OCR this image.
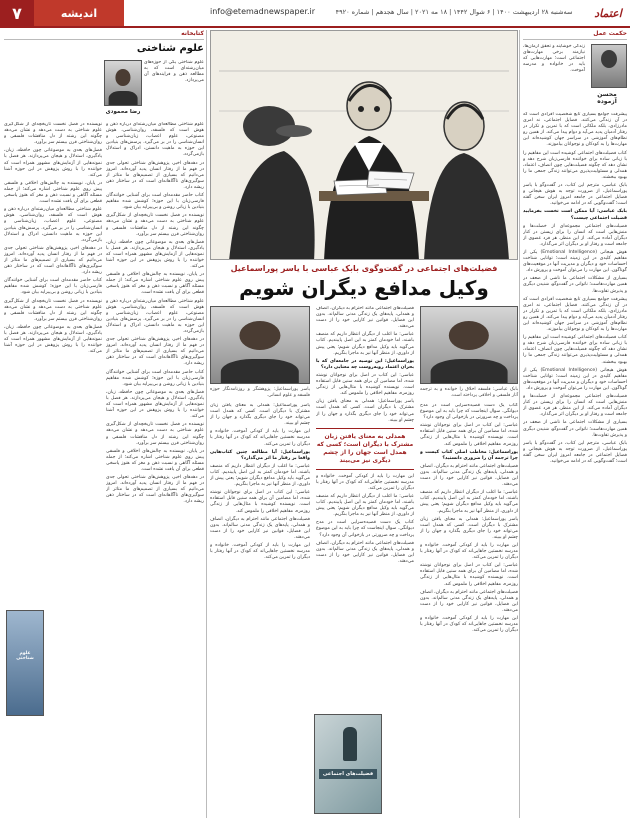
۷	اندیشه	info@etemadnewspaper.ir	سه‌شنبه ۲۸ اردیبهشت ۱۴۰۰ | ۶ شوال ۱۴۴۲ | ۱۸ مه ۲۰۲۱ | سال هجدهم | شماره ۴۹۲۰	اعتماد
حکمت عمل
محسن آزموده
زندگی خوشایند و تحقق آرمان‌ها، نیازمند برخی مهارت‌های اجتماعی است؛ مهارت‌هایی که باید در خانواده و مدرسه آموخت.

پیشرفت جوامع بسیاری تابع شخصیت افرادی است که در آن زندگی می‌کنند. فضایل اجتماعی، نه امری مادرزادی، بلکه ملکاتی است که با تمرین و تکرار در رفتار آدمیان پدید می‌آید و دوام پیدا می‌کند. از همین رو نظام‌های آموزشی در سراسر جهان کوشیده‌اند این مهارت‌ها را به کودکان و نوجوانان بیاموزند.

کتاب فضیلت‌های اجتماعی کوشیده است این مفاهیم را با زبانی ساده برای خواننده فارسی‌زبان شرح دهد و نشان دهد که چگونه فضیلت‌هایی چون انصاف، اعتماد، همدلی و مسئولیت‌پذیری می‌توانند زندگی جمعی ما را بهبود ببخشند.

بابک عباسی، مترجم این کتاب، در گفت‌وگو با یاسر پوراسماعیل، از ضرورت توجه به هوش هیجانی و فضایل اجتماعی در جامعه امروز ایران سخن گفته است؛ گفت‌وگویی که در ادامه می‌خوانید.

بابک عباسی: آیا ممکن است نخست بفرمایید فضیلت اجتماعی چیست؟

فضیلت‌های اجتماعی مجموعه‌ای از خصلت‌ها و منش‌هایی است که انسان را برای زیستن در کنار دیگران آماده می‌کند. از این منظر، هر فرد عضوی از جامعه است و رفتار او بر دیگران اثر می‌گذارد.

هوش هیجانی (Emotional Intelligence) یکی از مفاهیم کلیدی در این زمینه است؛ توانایی شناخت احساسات خود و دیگران و مدیریت آنها در موقعیت‌های گوناگون. این مهارت را می‌توان آموخت و پرورش داد.

بسیاری از مشکلات اجتماعی ما ناشی از ضعف در همین مهارت‌هاست؛ ناتوانی در گفت‌وگو، شنیدن دیگری و پذیرش تفاوت‌ها.

پیشرفت جوامع بسیاری تابع شخصیت افرادی است که در آن زندگی می‌کنند. فضایل اجتماعی، نه امری مادرزادی، بلکه ملکاتی است که با تمرین و تکرار در رفتار آدمیان پدید می‌آید و دوام پیدا می‌کند. از همین رو نظام‌های آموزشی در سراسر جهان کوشیده‌اند این مهارت‌ها را به کودکان و نوجوانان بیاموزند.

کتاب فضیلت‌های اجتماعی کوشیده است این مفاهیم را با زبانی ساده برای خواننده فارسی‌زبان شرح دهد و نشان دهد که چگونه فضیلت‌هایی چون انصاف، اعتماد، همدلی و مسئولیت‌پذیری می‌توانند زندگی جمعی ما را بهبود ببخشند.

هوش هیجانی (Emotional Intelligence) یکی از مفاهیم کلیدی در این زمینه است؛ توانایی شناخت احساسات خود و دیگران و مدیریت آنها در موقعیت‌های گوناگون. این مهارت را می‌توان آموخت و پرورش داد.

فضیلت‌های اجتماعی مجموعه‌ای از خصلت‌ها و منش‌هایی است که انسان را برای زیستن در کنار دیگران آماده می‌کند. از این منظر، هر فرد عضوی از جامعه است و رفتار او بر دیگران اثر می‌گذارد.

بسیاری از مشکلات اجتماعی ما ناشی از ضعف در همین مهارت‌هاست؛ ناتوانی در گفت‌وگو، شنیدن دیگری و پذیرش تفاوت‌ها.

بابک عباسی، مترجم این کتاب، در گفت‌وگو با یاسر پوراسماعیل، از ضرورت توجه به هوش هیجانی و فضایل اجتماعی در جامعه امروز ایران سخن گفته است؛ گفت‌وگویی که در ادامه می‌خوانید.

فضیلت‌های اجتماعی در گفت‌وگوی بابک عباسی با یاسر پوراسماعیل
وکیل مدافع دیگران شویم
بابک عباسی: فلسفه اخلاق را خوانده و به ترجمه آثار فلسفی و اخلاقی پرداخته است.

کتاب یک دست قصیده‌سرایی است در مدح دیوانگی. سوال اینجاست که چرا باید به این موضوع پرداخت و چه ضرورتی در بازخوانی آن وجود دارد؟

عباسی: این کتاب در اصل برای نوجوانان نوشته شده، اما مضامین آن برای همه سنین قابل استفاده است. نویسنده کوشیده با مثال‌هایی از زندگی روزمره، مفاهیم اخلاقی را ملموس کند.

پوراسماعیل: مخاطب اصلی کتاب کیست و چرا ترجمه آن را ضروری دانستید؟

فضیلت‌های اجتماعی مانند احترام به دیگران، انصاف و همدلی، پایه‌های یک زندگی مدنی سالم‌اند. بدون این فضایل، قوانین نیز کارایی خود را از دست می‌دهند.

عباسی: ما اغلب از دیگران انتظار داریم که منصف باشند، اما خودمان کمتر به این اصل پایبندیم. کتاب می‌گوید باید وکیل مدافع دیگران شویم؛ یعنی پیش از داوری، از منظر آنها نیز به ماجرا بنگریم.

یاسر پوراسماعیل: همدلی به معنای یافتن زبان مشترک با دیگران است. کسی که همدل است می‌تواند خود را جای دیگری بگذارد و جهان را از چشم او ببیند.

این مهارت را باید از کودکی آموخت. خانواده و مدرسه نخستین جاهایی‌اند که کودک در آنها رفتار با دیگران را تمرین می‌کند.

عباسی: این کتاب در اصل برای نوجوانان نوشته شده، اما مضامین آن برای همه سنین قابل استفاده است. نویسنده کوشیده با مثال‌هایی از زندگی روزمره، مفاهیم اخلاقی را ملموس کند.

فضیلت‌های اجتماعی مانند احترام به دیگران، انصاف و همدلی، پایه‌های یک زندگی مدنی سالم‌اند. بدون این فضایل، قوانین نیز کارایی خود را از دست می‌دهند.

این مهارت را باید از کودکی آموخت. خانواده و مدرسه نخستین جاهایی‌اند که کودک در آنها رفتار با دیگران را تمرین می‌کند.

فضیلت‌های اجتماعی مانند احترام به دیگران، انصاف و همدلی، پایه‌های یک زندگی مدنی سالم‌اند. بدون این فضایل، قوانین نیز کارایی خود را از دست می‌دهند.

عباسی: ما اغلب از دیگران انتظار داریم که منصف باشند، اما خودمان کمتر به این اصل پایبندیم. کتاب می‌گوید باید وکیل مدافع دیگران شویم؛ یعنی پیش از داوری، از منظر آنها نیز به ماجرا بنگریم.

پوراسماعیل: این توصیه در جامعه‌ای که با بحران اعتماد روبه‌روست چه معنایی دارد؟

عباسی: این کتاب در اصل برای نوجوانان نوشته شده، اما مضامین آن برای همه سنین قابل استفاده است. نویسنده کوشیده با مثال‌هایی از زندگی روزمره، مفاهیم اخلاقی را ملموس کند.

یاسر پوراسماعیل: همدلی به معنای یافتن زبان مشترک با دیگران است. کسی که همدل است می‌تواند خود را جای دیگری بگذارد و جهان را از چشم او ببیند.

همدلی به معنای یافتن زبان مشترک با دیگران است؛ کسی که همدل است جهان را از چشم دیگری نیز می‌بیند

این مهارت را باید از کودکی آموخت. خانواده و مدرسه نخستین جاهایی‌اند که کودک در آنها رفتار با دیگران را تمرین می‌کند.

عباسی: ما اغلب از دیگران انتظار داریم که منصف باشند، اما خودمان کمتر به این اصل پایبندیم. کتاب می‌گوید باید وکیل مدافع دیگران شویم؛ یعنی پیش از داوری، از منظر آنها نیز به ماجرا بنگریم.

کتاب یک دست قصیده‌سرایی است در مدح دیوانگی. سوال اینجاست که چرا باید به این موضوع پرداخت و چه ضرورتی در بازخوانی آن وجود دارد؟

فضیلت‌های اجتماعی مانند احترام به دیگران، انصاف و همدلی، پایه‌های یک زندگی مدنی سالم‌اند. بدون این فضایل، قوانین نیز کارایی خود را از دست می‌دهند.

یاسر پوراسماعیل: پژوهشگر و روزنامه‌نگار حوزه فلسفه و علوم انسانی.

یاسر پوراسماعیل: همدلی به معنای یافتن زبان مشترک با دیگران است. کسی که همدل است می‌تواند خود را جای دیگری بگذارد و جهان را از چشم او ببیند.

این مهارت را باید از کودکی آموخت. خانواده و مدرسه نخستین جاهایی‌اند که کودک در آنها رفتار با دیگران را تمرین می‌کند.

پوراسماعیل: آیا مطالعه چنین کتاب‌هایی واقعا بر رفتار ما اثر می‌گذارد؟

عباسی: ما اغلب از دیگران انتظار داریم که منصف باشند، اما خودمان کمتر به این اصل پایبندیم. کتاب می‌گوید باید وکیل مدافع دیگران شویم؛ یعنی پیش از داوری، از منظر آنها نیز به ماجرا بنگریم.

عباسی: این کتاب در اصل برای نوجوانان نوشته شده، اما مضامین آن برای همه سنین قابل استفاده است. نویسنده کوشیده با مثال‌هایی از زندگی روزمره، مفاهیم اخلاقی را ملموس کند.

فضیلت‌های اجتماعی مانند احترام به دیگران، انصاف و همدلی، پایه‌های یک زندگی مدنی سالم‌اند. بدون این فضایل، قوانین نیز کارایی خود را از دست می‌دهند.

این مهارت را باید از کودکی آموخت. خانواده و مدرسه نخستین جاهایی‌اند که کودک در آنها رفتار با دیگران را تمرین می‌کند.

فضیلت‌های اجتماعی
کتابخانه
علوم شناختی
رضا محمودی
علوم شناختی یکی از حوزه‌های میان‌رشته‌ای است که به مطالعه ذهن و فرایندهای آن می‌پردازد.

علوم شناختی مطالعه‌ای میان‌رشته‌ای درباره ذهن و هوش است که فلسفه، روان‌شناسی، هوش مصنوعی، علوم اعصاب، زبان‌شناسی و انسان‌شناسی را در بر می‌گیرد. پرسش‌های بنیادین این حوزه به ماهیت دانستن، ادراک و استدلال بازمی‌گردد.

در دهه‌های اخیر، پژوهش‌های شناختی تحولی جدی در فهم ما از رفتار انسان پدید آورده‌اند. امروز می‌دانیم که بسیاری از تصمیم‌های ما متاثر از سوگیری‌های ناآگاهانه‌ای است که در ساختار ذهن ریشه دارد.

کتاب حاضر مقدمه‌ای است برای آشنایی خوانندگان فارسی‌زبان با این حوزه؛ کوشش شده مفاهیم بنیادین با زبانی روشن و بی‌پیرایه بیان شود.

نویسنده در فصل نخست تاریخچه‌ای از شکل‌گیری علوم شناختی به دست می‌دهد و نشان می‌دهد چگونه این رشته از دل مناقشات فلسفی و روان‌شناختی قرن بیستم سر برآورد.

فصل‌های بعدی به موضوعاتی چون حافظه، زبان، یادگیری، استدلال و هیجان می‌پردازند. هر فصل با نمونه‌هایی از آزمایش‌های مشهور همراه است که خواننده را با روش پژوهش در این حوزه آشنا می‌کند.

در پایان، نویسنده به چالش‌های اخلاقی و فلسفی پیش روی علوم شناختی اشاره می‌کند؛ از جمله مسئله آگاهی و نسبت ذهن و مغز که هنوز پاسخی قطعی برای آن یافت نشده است.

علوم شناختی مطالعه‌ای میان‌رشته‌ای درباره ذهن و هوش است که فلسفه، روان‌شناسی، هوش مصنوعی، علوم اعصاب، زبان‌شناسی و انسان‌شناسی را در بر می‌گیرد. پرسش‌های بنیادین این حوزه به ماهیت دانستن، ادراک و استدلال بازمی‌گردد.

در دهه‌های اخیر، پژوهش‌های شناختی تحولی جدی در فهم ما از رفتار انسان پدید آورده‌اند. امروز می‌دانیم که بسیاری از تصمیم‌های ما متاثر از سوگیری‌های ناآگاهانه‌ای است که در ساختار ذهن ریشه دارد.

کتاب حاضر مقدمه‌ای است برای آشنایی خوانندگان فارسی‌زبان با این حوزه؛ کوشش شده مفاهیم بنیادین با زبانی روشن و بی‌پیرایه بیان شود.

فصل‌های بعدی به موضوعاتی چون حافظه، زبان، یادگیری، استدلال و هیجان می‌پردازند. هر فصل با نمونه‌هایی از آزمایش‌های مشهور همراه است که خواننده را با روش پژوهش در این حوزه آشنا می‌کند.

نویسنده در فصل نخست تاریخچه‌ای از شکل‌گیری علوم شناختی به دست می‌دهد و نشان می‌دهد چگونه این رشته از دل مناقشات فلسفی و روان‌شناختی قرن بیستم سر برآورد.

در پایان، نویسنده به چالش‌های اخلاقی و فلسفی پیش روی علوم شناختی اشاره می‌کند؛ از جمله مسئله آگاهی و نسبت ذهن و مغز که هنوز پاسخی قطعی برای آن یافت نشده است.

در دهه‌های اخیر، پژوهش‌های شناختی تحولی جدی در فهم ما از رفتار انسان پدید آورده‌اند. امروز می‌دانیم که بسیاری از تصمیم‌های ما متاثر از سوگیری‌های ناآگاهانه‌ای است که در ساختار ذهن ریشه دارد.

نویسنده در فصل نخست تاریخچه‌ای از شکل‌گیری علوم شناختی به دست می‌دهد و نشان می‌دهد چگونه این رشته از دل مناقشات فلسفی و روان‌شناختی قرن بیستم سر برآورد.

فصل‌های بعدی به موضوعاتی چون حافظه، زبان، یادگیری، استدلال و هیجان می‌پردازند. هر فصل با نمونه‌هایی از آزمایش‌های مشهور همراه است که خواننده را با روش پژوهش در این حوزه آشنا می‌کند.

در پایان، نویسنده به چالش‌های اخلاقی و فلسفی پیش روی علوم شناختی اشاره می‌کند؛ از جمله مسئله آگاهی و نسبت ذهن و مغز که هنوز پاسخی قطعی برای آن یافت نشده است.

علوم شناختی مطالعه‌ای میان‌رشته‌ای درباره ذهن و هوش است که فلسفه، روان‌شناسی، هوش مصنوعی، علوم اعصاب، زبان‌شناسی و انسان‌شناسی را در بر می‌گیرد. پرسش‌های بنیادین این حوزه به ماهیت دانستن، ادراک و استدلال بازمی‌گردد.

در دهه‌های اخیر، پژوهش‌های شناختی تحولی جدی در فهم ما از رفتار انسان پدید آورده‌اند. امروز می‌دانیم که بسیاری از تصمیم‌های ما متاثر از سوگیری‌های ناآگاهانه‌ای است که در ساختار ذهن ریشه دارد.

کتاب حاضر مقدمه‌ای است برای آشنایی خوانندگان فارسی‌زبان با این حوزه؛ کوشش شده مفاهیم بنیادین با زبانی روشن و بی‌پیرایه بیان شود.

نویسنده در فصل نخست تاریخچه‌ای از شکل‌گیری علوم شناختی به دست می‌دهد و نشان می‌دهد چگونه این رشته از دل مناقشات فلسفی و روان‌شناختی قرن بیستم سر برآورد.

فصل‌های بعدی به موضوعاتی چون حافظه، زبان، یادگیری، استدلال و هیجان می‌پردازند. هر فصل با نمونه‌هایی از آزمایش‌های مشهور همراه است که خواننده را با روش پژوهش در این حوزه آشنا می‌کند.

علوم شناختی
